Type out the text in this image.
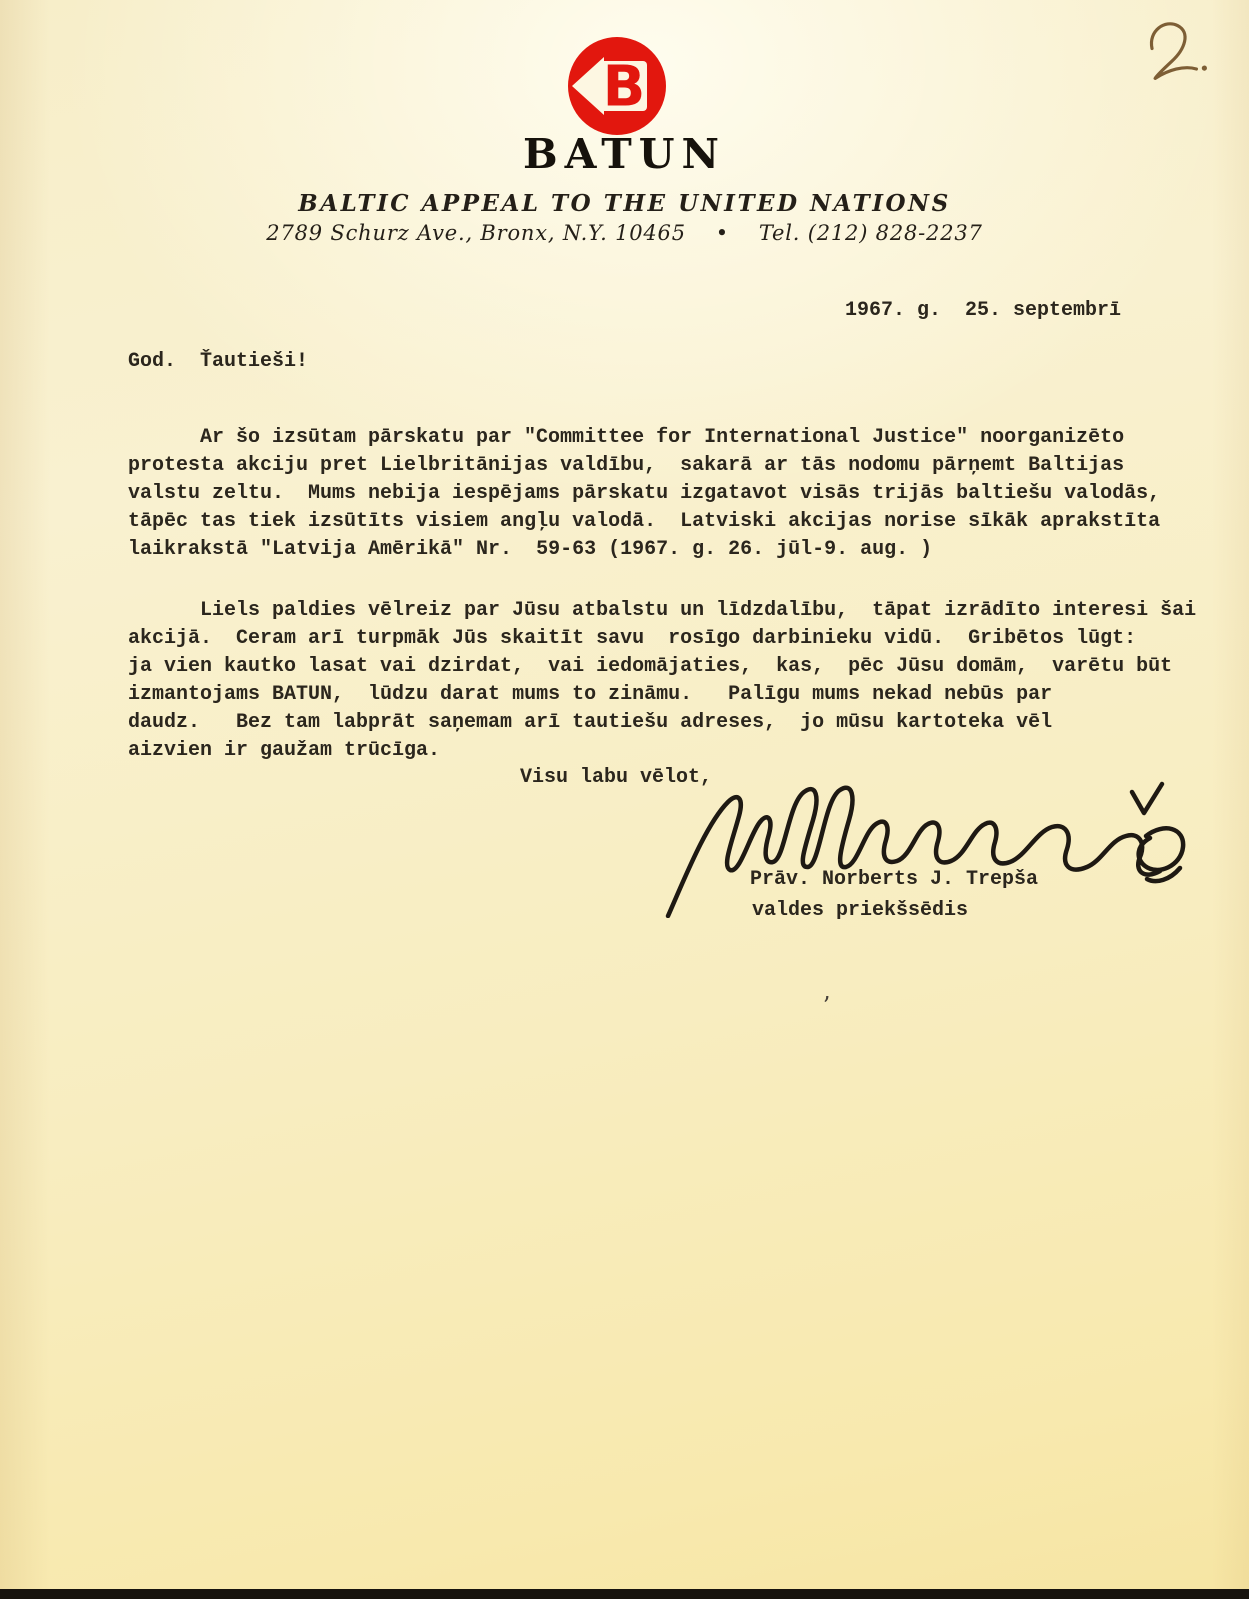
B
BATUN
BALTIC APPEAL TO THE UNITED NATIONS
2789 Schurz Ave., Bronx, N.Y. 10465    •    Tel. (212) 828-2237
1967. g.  25. septembrī
God.  Ťautieši!
Ar šo izsūtam pārskatu par "Committee for International Justice" noorganizēto
protesta akciju pret Lielbritānijas valdību,  sakarā ar tās nodomu pārņemt Baltijas
valstu zeltu.  Mums nebija iespējams pārskatu izgatavot visās trijās baltiešu valodās,
tāpēc tas tiek izsūtīts visiem angļu valodā.  Latviski akcijas norise sīkāk aprakstīta
laikrakstā "Latvija Amērikā" Nr.  59-63 (1967. g. 26. jūl-9. aug. )
Liels paldies vēlreiz par Jūsu atbalstu un līdzdalību,  tāpat izrādīto interesi šai
akcijā.  Ceram arī turpmāk Jūs skaitīt savu  rosīgo darbinieku vidū.  Gribētos lūgt:
ja vien kautko lasat vai dzirdat,  vai iedomājaties,  kas,  pēc Jūsu domām,  varētu būt
izmantojams BATUN,  lūdzu darat mums to zināmu.   Palīgu mums nekad nebūs par
daudz.   Bez tam labprāt saņemam arī tautiešu adreses,  jo mūsu kartoteka vēl
aizvien ir gaužam trūcīga.
Visu labu vēlot,
Prāv. Norberts J. Trepša
valdes priekšsēdis
ʼ
